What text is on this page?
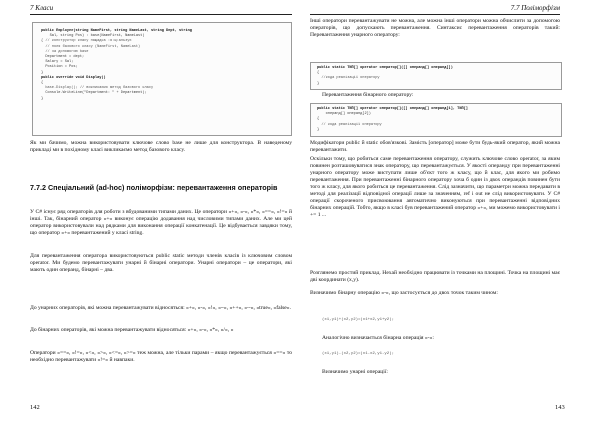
7 Класи
public Employee(string NameFirst, string NameLast, string Dept, string
Sal, string Pos) : base(NameFirst, NameLast)
{ // конструктор класу нащадка :я:щ:альзує
// поля базового класу (NameFirst, NameLast)
// за допомогою base
Department = dept;
Salary = Sal;
Position = Pos;
}
public override void Display()
{
base.Display(); // викликаємо метод базового класу
Console.WriteLine("Department: " + Department);
}
Як ми бачимо, можна використовувати ключове слово base не лише для конструктора. В наведеному прикладі ми в похідному класі викликаємо метод базового класу.
7.7.2 Спеціальний (ad-hoc) поліморфізм: перевантаження операторів
У C# існує ряд операторів для роботи з вбудованими типами даних. Це оператори «+», «-», «*», «==», «!=» й інші. Так, бінарний оператор «+» виконує операцію додавання над числовими типами даних. Але ми цей оператор використовували над рядками для виконання операції конкатенації. Це відбувається завдяки тому, що оператор «+» перевантажений у класі string.
Для перевантаження оператора використовуються public static методи членів класів із ключовим словом operator. Ми будемо перевантажувати унарні й бінарні оператори. Унарні оператори – це оператори, які мають один операнд, бінарні – два.
До унарних операторів, які можна перевантажувати відносяться: «+», «-», «!», «~», «++», «--», «true», «false».
До бінарних операторів, які можна перевантажувати відносяться: «+», «-», «*», «/», «
Оператори «==», «!=», «<», «>», «<=», «>=» теж можна, але тільки парами – якщо перевантажується «==» то необхідно перевантажувати «!=» й навпаки.
142
7.7 Поліморфізм
Інші оператори перевантажувати не можна, але можна інші оператори можна обчислити за допомогою операторів, що допускають перевантаження. Синтаксис перевантаження операторів такий: Перевантаження унарного оператору:
public static ТИП[] operator оператор[]([] операнд[] операнд[])
{
//кода реалізації оператору
}
Перевантаження бінарного оператору:
public static ТИП[] operator оператор[]([] операнд[] операнд[1], ТИП[]
операнд[] операнд[2])
{
// кода реалізації оператору
}
Модифікатори public й static обов'язкові. Замість [оператор] може бути будь-який оператор, який можна перевантажити.
Оскільки тому, що робиться саме перевантаження оператору, служить ключове слово operator, за яким повинен розташовуватися знак оператору, що перевантажується. У якості операнду при перевантаженні унарного оператору може виступати лише об'єкт того ж класу, що й клас, для якого ми робимо перевантаження. При перевантаженні бінарного оператору хоча б один із двох операндів повинен бути того ж класу, для якого робиться це перевантаження. Слід зазначити, що параметри можна передавати в методі для реалізації відповідної операції лише за значенням, ref і out не слід використовувати. У C# операції скороченого присвоювання автоматично виконуються при перевантаженні відповідних бінарних операцій. Тобто, якщо в класі був перевантажений оператор «+», ми можемо використовувати i += 1 ...
Розглянемо простий приклад. Нехай необхідно працювати із точками на площині. Точка на площині має дві координати (x,y).
Визначимо бінарну операцію «-», що застосується до двох точок таким чином:
(x1,y1)+(x2,y2)=(x1+x2,y1+y2);
Аналогічно визначається бінарна операція «-»:
(x1,y1)-(x2,y2)=(x1-x2,y1-y2);
Визначимо унарні операції:
143
